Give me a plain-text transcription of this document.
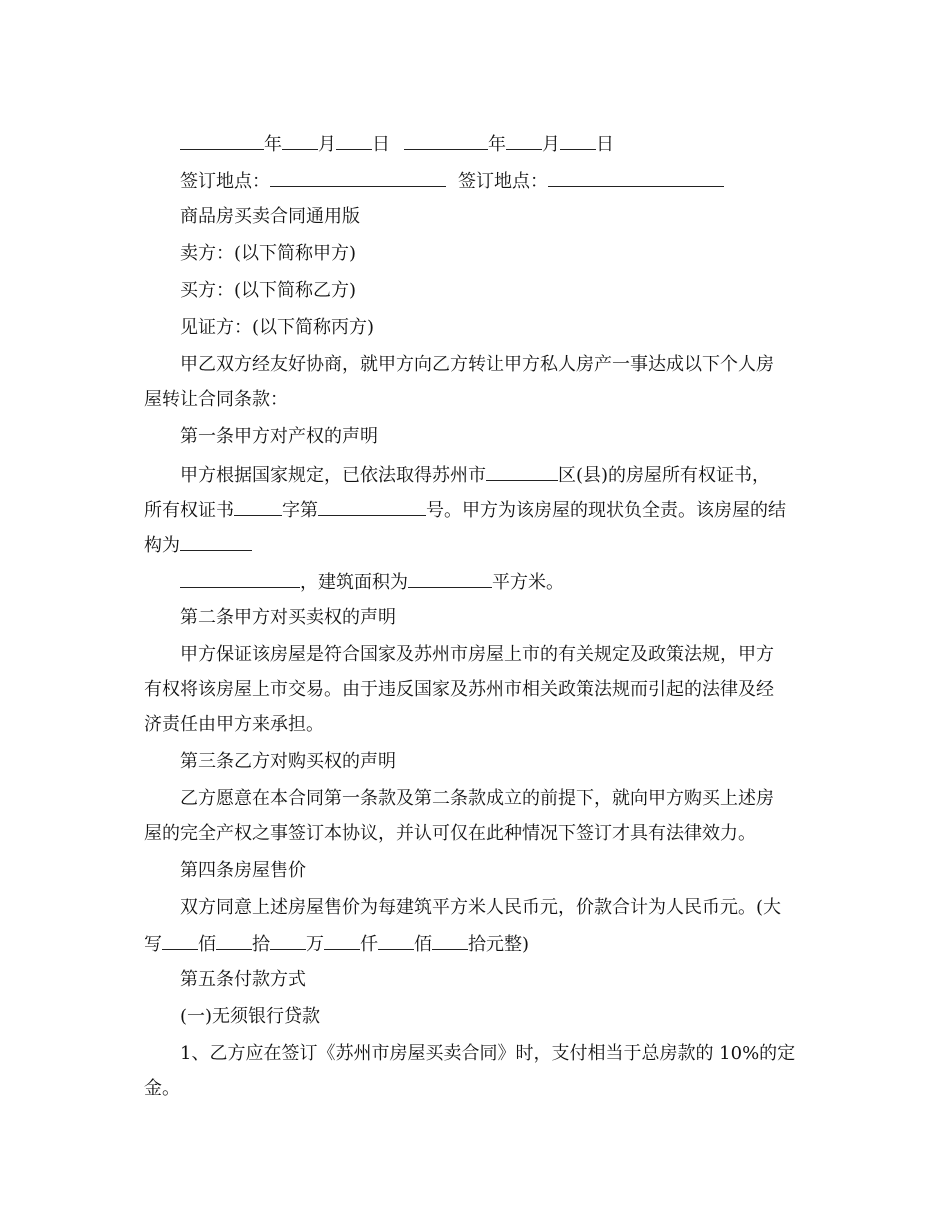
年 月 日	年 月 日
签订地点：	签订地点：
商品房买卖合同通用版
卖方：(以下简称甲方)
买方：(以下简称乙方)
见证方：(以下简称丙方)
甲乙双方经友好协商，就甲方向乙方转让甲方私人房产一事达成以下个人房
屋转让合同条款：
第一条甲方对产权的声明
甲方根据国家规定，已依法取得苏州市	区(县)的房屋所有权证书，
所有权证书	字第	号。甲方为该房屋的现状负全责。该房屋的结
构为
，建筑面积为	平方米。
第二条甲方对买卖权的声明
甲方保证该房屋是符合国家及苏州市房屋上市的有关规定及政策法规，甲方
有权将该房屋上市交易。由于违反国家及苏州市相关政策法规而引起的法律及经
济责任由甲方来承担。
第三条乙方对购买权的声明
乙方愿意在本合同第一条款及第二条款成立的前提下，就向甲方购买上述房
屋的完全产权之事签订本协议，并认可仅在此种情况下签订才具有法律效力。
第四条房屋售价
双方同意上述房屋售价为每建筑平方米人民币元，价款合计为人民币元。(大
写 佰 拾 万 仟 佰 拾元整)
第五条付款方式
(一)无须银行贷款
1、乙方应在签订《苏州市房屋买卖合同》时，支付相当于总房款的 10%的定
金。
